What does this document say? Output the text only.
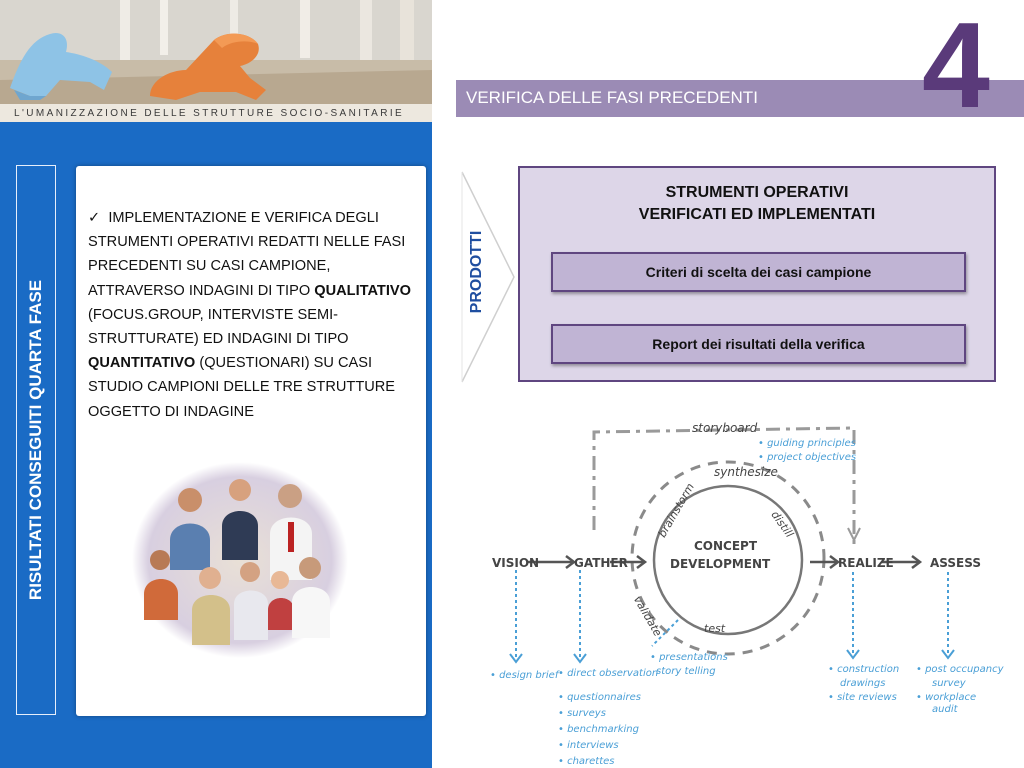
L'UMANIZZAZIONE DELLE STRUTTURE SOCIO-SANITARIE
RISULTATI CONSEGUITI QUARTA FASE
✓ IMPLEMENTAZIONE E VERIFICA DEGLI STRUMENTI OPERATIVI REDATTI NELLE FASI PRECEDENTI SU CASI CAMPIONE, ATTRAVERSO INDAGINI DI TIPO QUALITATIVO (FOCUS.GROUP, INTERVISTE SEMI-STRUTTURATE) ED INDAGINI DI TIPO QUANTITATIVO (QUESTIONARI) SU CASI STUDIO CAMPIONI DELLE TRE STRUTTURE OGGETTO DI INDAGINE
VERIFICA DELLE FASI PRECEDENTI 4
PRODOTTI
STRUMENTI OPERATIVI
VERIFICATI ED IMPLEMENTATI
Criteri di scelta dei casi campione
Report dei risultati della verifica
storyboard
synthesize
brainstorm	distill
validate	test
CONCEPT
DEVELOPMENT
VISION	GATHER	REALIZE	ASSESS
• guiding principles
• project objectives
• design brief • direct observation
• questionnaires
• surveys
• benchmarking
• interviews
• charettes
• presentations
story telling	• construction
drawings
• site reviews
• post occupancy
survey
• workplace
audit
